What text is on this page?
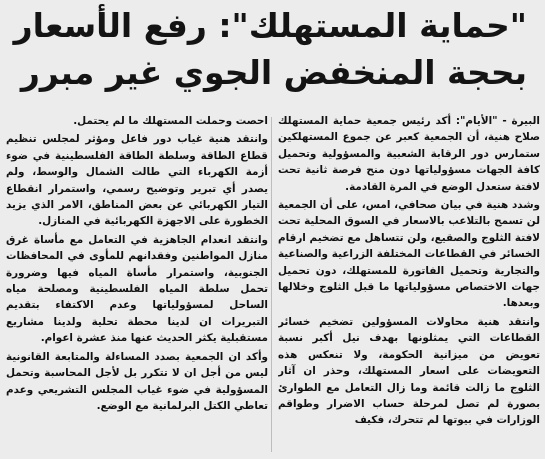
"حماية المستهلك": رفع الأسعار
بحجة المنخفض الجوي غير مبرر

البيرة - "الأيام": أكد رئيس جمعية حماية المستهلك صلاح هنية، أن الجمعية كعبر عن جموع المستهلكين ستمارس دور الرقابة الشعبية والمسؤولية وتحميل كافة الجهات مسؤولياتها دون منح فرصة ثانية تحت لافتة ستعدل الوضع في المرة القادمة.

وشدد هنية في بيان صحافي، امس، على أن الجمعية لن تسمح بالتلاعب بالاسعار في السوق المحلية تحت لافتة الثلوج والصقيع، ولن تتساهل مع تضخيم ارقام الخسائر في القطاعات المختلفة الزراعية والصناعية والتجارية وتحميل الفاتورة للمستهلك، دون تحميل جهات الاختصاص مسؤولياتها ما قبل الثلوج وخلالها وبعدها.

وانتقد هنية محاولات المسؤولين تضخيم خسائر القطاعات التي يمثلونها بهدف نيل أكبر نسبة تعويض من ميزانية الحكومة، ولا تنعكس هذه التعويضات على اسعار المستهلك، وحذر ان آثار الثلوج ما زالت قائمة وما زال التعامل مع الطوارئ بصورة لم تصل لمرحلة حساب الاضرار وطواقم الوزارات في بيوتها لم تتحرك، فكيف

احصت وحملت المستهلك ما لم يحتمل.

وانتقد هنية غياب دور فاعل ومؤثر لمجلس تنظيم قطاع الطاقة وسلطة الطاقة الفلسطينية في ضوء أزمة الكهرباء التي طالت الشمال والوسط، ولم يصدر أي تبرير وتوضيح رسمي، واستمرار انقطاع التيار الكهربائي عن بعض المناطق، الامر الذي يزيد الخطورة على الاجهزة الكهربائية في المنازل.

وانتقد انعدام الجاهزية في التعامل مع مأساة غرق منازل المواطنين وفقدانهم للمأوى في المحافظات الجنوبية، واستمرار مأساة المياه فيها وضرورة تحمل سلطة المياه الفلسطينية ومصلحة مياه الساحل لمسؤولياتها وعدم الاكتفاء بتقديم التبريرات ان لدينا محطة تحلية ولدينا مشاريع مستقبلية يكثر الحديث عنها منذ عشرة اعوام.

وأكد ان الجمعية بصدد المساءلة والمتابعة القانونية ليس من أجل ان لا تتكرر بل لأجل المحاسبة وتحمل المسؤولية في ضوء غياب المجلس التشريعي وعدم تعاطي الكتل البرلمانية مع الوضع.
